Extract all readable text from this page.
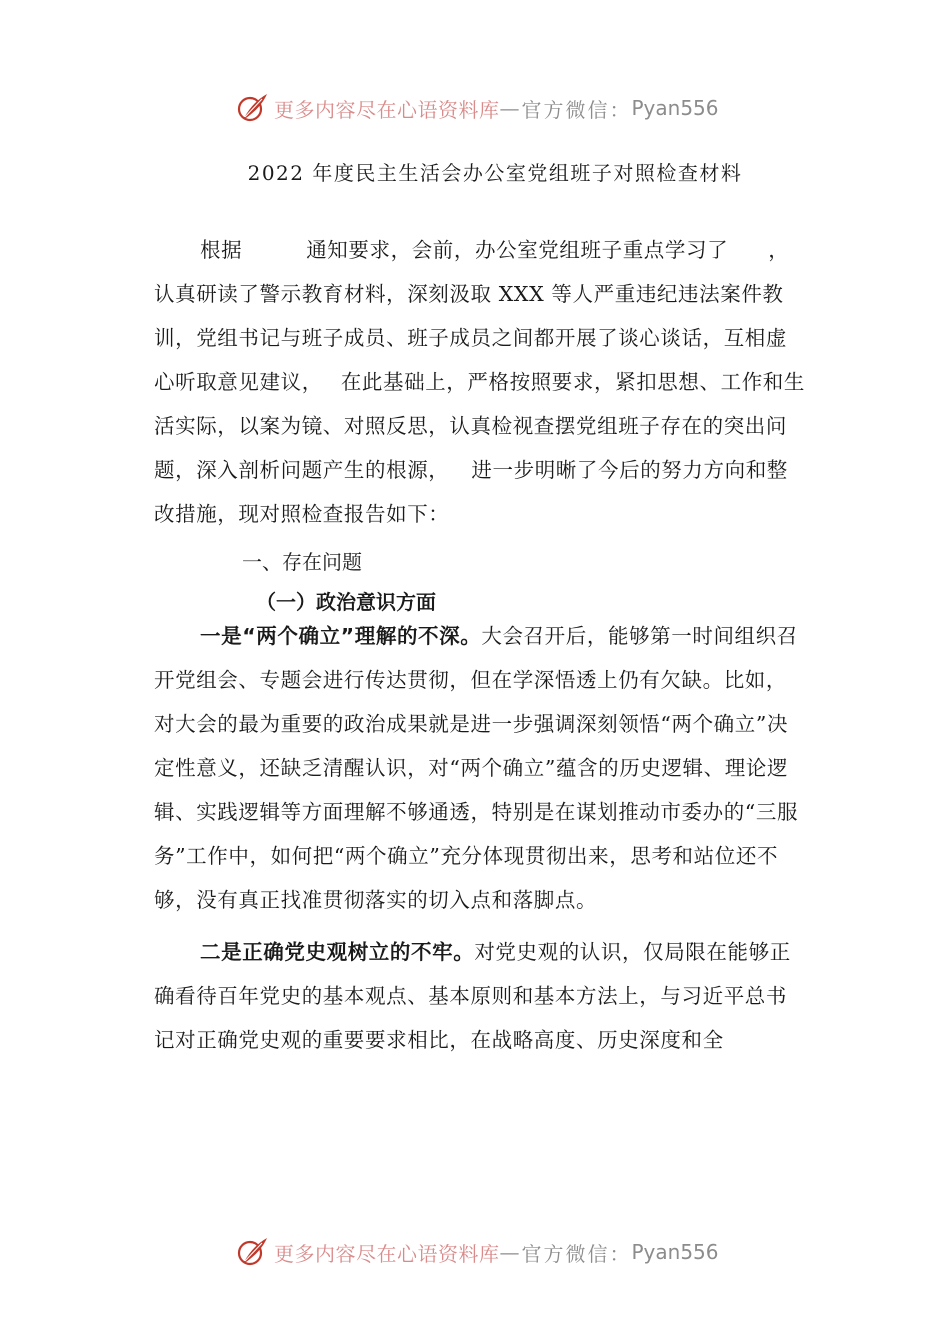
更多内容尽在心语资料库 — 官方微信： Pyan556
2022 年度民主生活会办公室党组班子对照检查材料

根据	通知要求，会前，办公室党组班子重点学习了 ，认真研读了警示教育材料，深刻汲取 XXX 等人严重违纪违法案件教训，党组书记与班子成员、班子成员之间都开展了谈心谈话，互相虚心听取意见建议， 在此基础上，严格按照要求，紧扣思想、工作和生活实际，以案为镜、对照反思，认真检视查摆党组班子存在的突出问题，深入剖析问题产生的根源， 进一步明晰了今后的努力方向和整改措施，现对照检查报告如下：

一、存在问题
（一）政治意识方面

一是“两个确立”理解的不深。大会召开后，能够第一时间组织召开党组会、专题会进行传达贯彻，但在学深悟透上仍有欠缺。比如，对大会的最为重要的政治成果就是进一步强调深刻领悟“两个确立”决定性意义，还缺乏清醒认识，对“两个确立”蕴含的历史逻辑、理论逻辑、实践逻辑等方面理解不够通透，特别是在谋划推动市委办的“三服务”工作中，如何把“两个确立”充分体现贯彻出来，思考和站位还不够，没有真正找准贯彻落实的切入点和落脚点。

二是正确党史观树立的不牢。对党史观的认识，仅局限在能够正确看待百年党史的基本观点、基本原则和基本方法上，与习近平总书记对正确党史观的重要要求相比，在战略高度、历史深度和全

更多内容尽在心语资料库 — 官方微信： Pyan556
